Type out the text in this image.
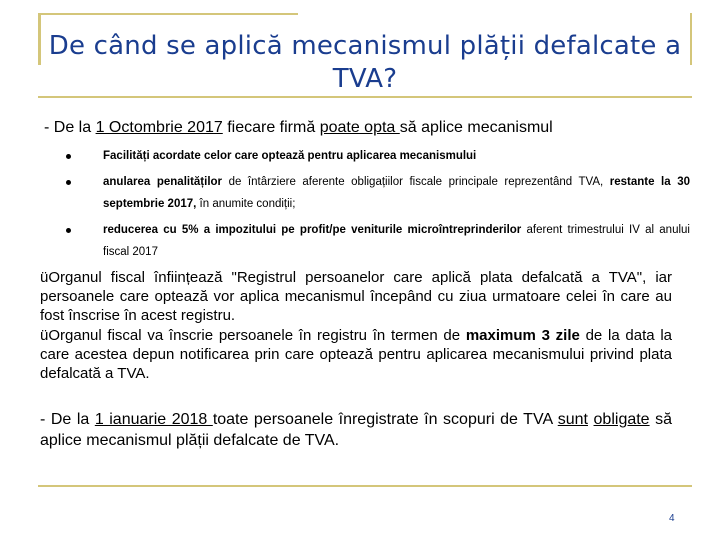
De când se aplică mecanismul plății defalcate a TVA?
- De la 1 Octombrie 2017 fiecare firmă poate opta să aplice mecanismul
Facilități acordate celor care optează pentru aplicarea mecanismului
anularea penalităților de întârziere aferente obligațiilor fiscale principale reprezentând TVA, restante la 30 septembrie 2017, în anumite condiții;
reducerea cu 5% a impozitului pe profit/pe veniturile microîntreprinderilor aferent trimestrului IV al anului fiscal 2017

üOrganul fiscal înființează "Registrul persoanelor care aplică plata defalcată a TVA", iar persoanele care optează vor aplica mecanismul începând cu ziua urmatoare celei în care au fost înscrise în acest registru.

üOrganul fiscal va înscrie persoanele în registru în termen de maximum 3 zile de la data la care acestea depun notificarea prin care optează pentru aplicarea mecanismului privind plata defalcată a TVA.

- De la 1 ianuarie 2018 toate persoanele înregistrate în scopuri de TVA sunt obligate să aplice mecanismul plății defalcate de TVA.
4
